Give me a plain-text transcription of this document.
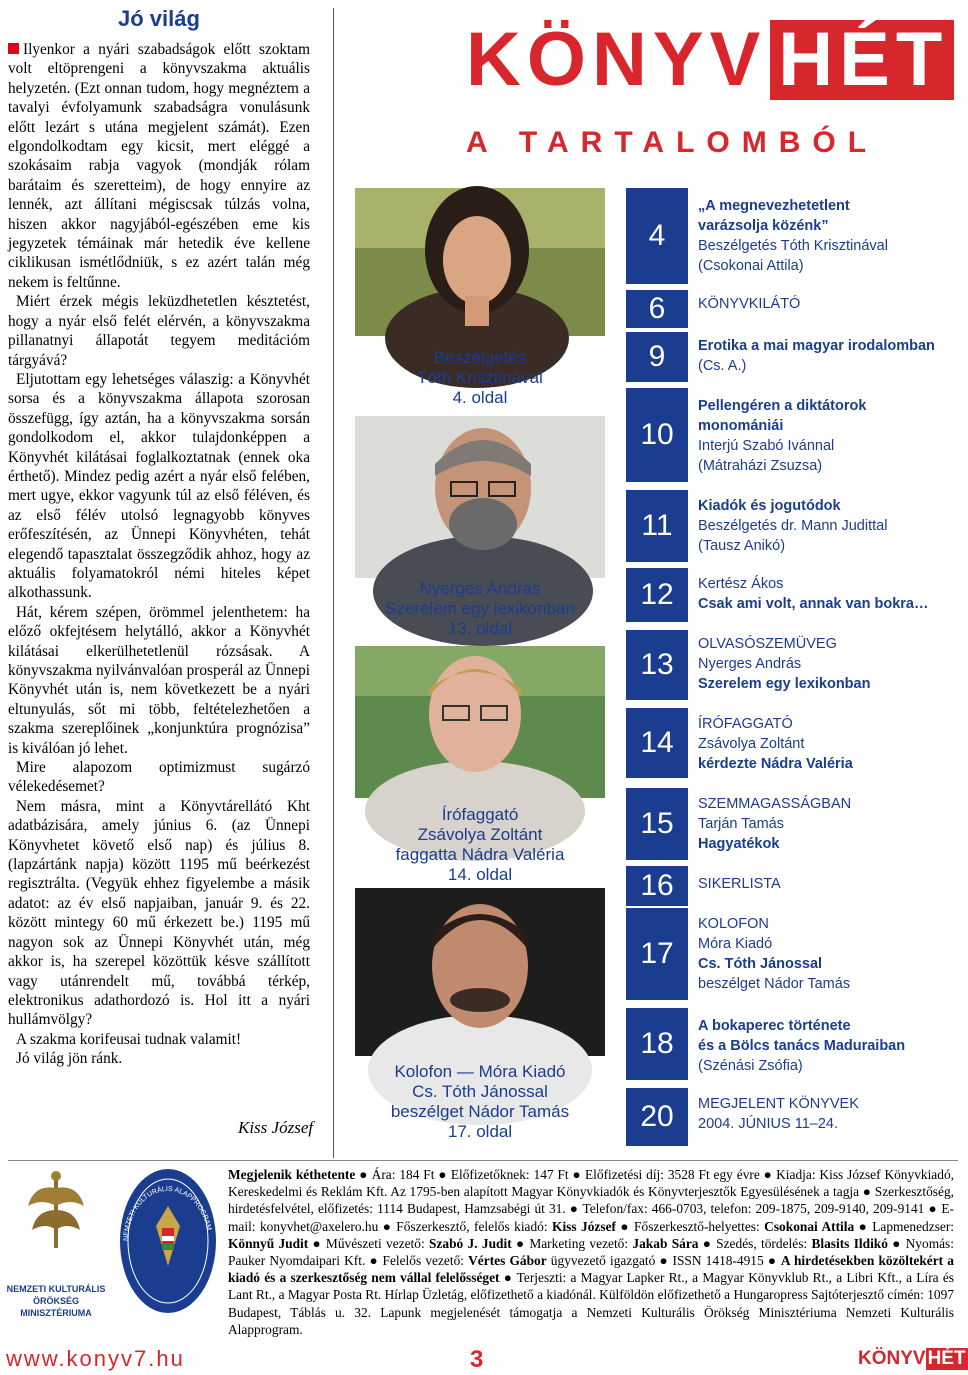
Jó világ

Ilyenkor a nyári szabadságok előtt szoktam volt eltöprengeni a könyvszakma aktuális helyzetén. (Ezt onnan tudom, hogy megnéztem a tavalyi évfolyamunk szabadságra vonulásunk előtt lezárt s utána megjelent számát). Ezen elgondolkodtam egy kicsit, mert eléggé a szokásaim rabja vagyok (mondják rólam barátaim és szeretteim), de hogy ennyire az lennék, azt állítani mégiscsak túlzás volna, hiszen akkor nagyjából-egészében eme kis jegyzetek témáinak már hetedik éve kellene ciklikusan ismétlődniük, s ez azért talán még nekem is feltűnne.

Miért érzek mégis leküzdhetetlen késztetést, hogy a nyár első felét elérvén, a könyvszakma pillanatnyi állapotát tegyem meditációm tárgyává?

Eljutottam egy lehetséges válaszig: a Könyvhét sorsa és a könyvszakma állapota szorosan összefügg, így aztán, ha a könyvszakma sorsán gondolkodom el, akkor tulajdonképpen a Könyvhét kilátásai foglalkoztatnak (ennek oka érthető). Mindez pedig azért a nyár első felében, mert ugye, ekkor vagyunk túl az első féléven, és az első félév utolsó legnagyobb könyves erőfeszítésén, az Ünnepi Könyvhéten, tehát elegendő tapasztalat összegződik ahhoz, hogy az aktuális folyamatokról némi hiteles képet alkothassunk.

Hát, kérem szépen, örömmel jelenthetem: ha előző okfejtésem helytálló, akkor a Könyvhét kilátásai elkerülhetetlenül rózsásak. A könyvszakma nyilvánvalóan prosperál az Ünnepi Könyvhét után is, nem következett be a nyári eltunyulás, sőt mi több, feltételezhetően a szakma szereplőinek „konjunktúra prognózisa” is kiválóan jó lehet.

Mire alapozom optimizmust sugárzó vélekedésemet?

Nem másra, mint a Könyvtárellátó Kht adatbázisára, amely június 6. (az Ünnepi Könyvhetet követő első nap) és július 8. (lapzártánk napja) között 1195 mű beérkezést regisztrálta. (Vegyük ehhez figyelembe a másik adatot: az év első napjaiban, január 9. és 22. között mintegy 60 mű érkezett be.) 1195 mű nagyon sok az Ünnepi Könyvhét után, még akkor is, ha szerepel közöttük késve szállított vagy utánrendelt mű, továbbá térkép, elektronikus adathordozó is. Hol itt a nyári hullámvölgy?

A szakma korifeusai tudnak valamit!

Jó világ jön ránk.

Kiss József
KÖNYV HÉT
A TARTALOMBÓL
Beszélgetés
Tóth Krisztinával
4. oldal
Nyerges András
Szerelem egy lexikonban
13. oldal
Írófaggató
Zsávolya Zoltánt
faggatta Nádra Valéria
14. oldal
Kolofon — Móra Kiadó
Cs. Tóth Jánossal
beszélget Nádor Tamás
17. oldal
4
„A megnevezhetetlent
varázsolja közénk”
Beszélgetés Tóth Krisztinával
(Csokonai Attila)
6	KÖNYVKILÁTÓ
9	Erotika a mai magyar irodalomban
(Cs. A.)
10
Pellengéren a diktátorok
monomániái
Interjú Szabó Ivánnal
(Mátraházi Zsuzsa)
11
Kiadók és jogutódok
Beszélgetés dr. Mann Judittal
(Tausz Anikó)
12	Kertész Ákos
Csak ami volt, annak van bokra…
13
OLVASÓSZEMÜVEG
Nyerges András
Szerelem egy lexikonban
14
ÍRÓFAGGATÓ
Zsávolya Zoltánt
kérdezte Nádra Valéria
15
SZEMMAGASSÁGBAN
Tarján Tamás
Hagyatékok
16	SIKERLISTA
17
KOLOFON
Móra Kiadó
Cs. Tóth Jánossal
beszélget Nádor Tamás
18
A bokaperec története
és a Bölcs tanács Maduraiban
(Szénási Zsófia)
20	MEGJELENT KÖNYVEK
2004. JÚNIUS 11–24.
NEMZETI KULTURÁLIS ÖRÖKSÉG
MINISZTÉRIUMA
NEMZETI KULTURÁLIS ALAPPROGRAM
Megjelenik kéthetente ● Ára: 184 Ft ● Előfizetőknek: 147 Ft ● Előfizetési díj: 3528 Ft egy évre ● Kiadja: Kiss József Könyvkiadó, Kereskedelmi és Reklám Kft. Az 1795-ben alapított Magyar Könyvkiadók és Könyvterjesztők Egyesülésének a tagja ● Szerkesztőség, hirdetésfelvétel, előfizetés: 1114 Budapest, Hamzsabégi út 31. ● Telefon/fax: 466-0703, telefon: 209-1875, 209-9140, 209-9141 ● E-mail: konyvhet@axelero.hu ● Főszerkesztő, felelős kiadó: Kiss József ● Főszerkesztő-helyettes: Csokonai Attila ● Lapmenedzser: Könnyű Judit ● Művészeti vezető: Szabó J. Judit ● Marketing vezető: Jakab Sára ● Szedés, tördelés: Blasits Ildikó ● Nyomás: Pauker Nyomdaipari Kft. ● Felelős vezető: Vértes Gábor ügyvezető igazgató ● ISSN 1418-4915 ● A hirdetésekben közöltekért a kiadó és a szerkesztőség nem vállal felelősséget ● Terjeszti: a Magyar Lapker Rt., a Magyar Könyvklub Rt., a Libri Kft., a Líra és Lant Rt., a Magyar Posta Rt. Hírlap Üzletág, előfizethető a kiadónál. Külföldön előfizethető a Hungaropress Sajtóterjesztő címén: 1097 Budapest, Táblás u. 32. Lapunk megjelenését támogatja a Nemzeti Kulturális Örökség Minisztériuma Nemzeti Kulturális Alapprogram.
www.konyv7.hu	3	KÖNYV HÉT
